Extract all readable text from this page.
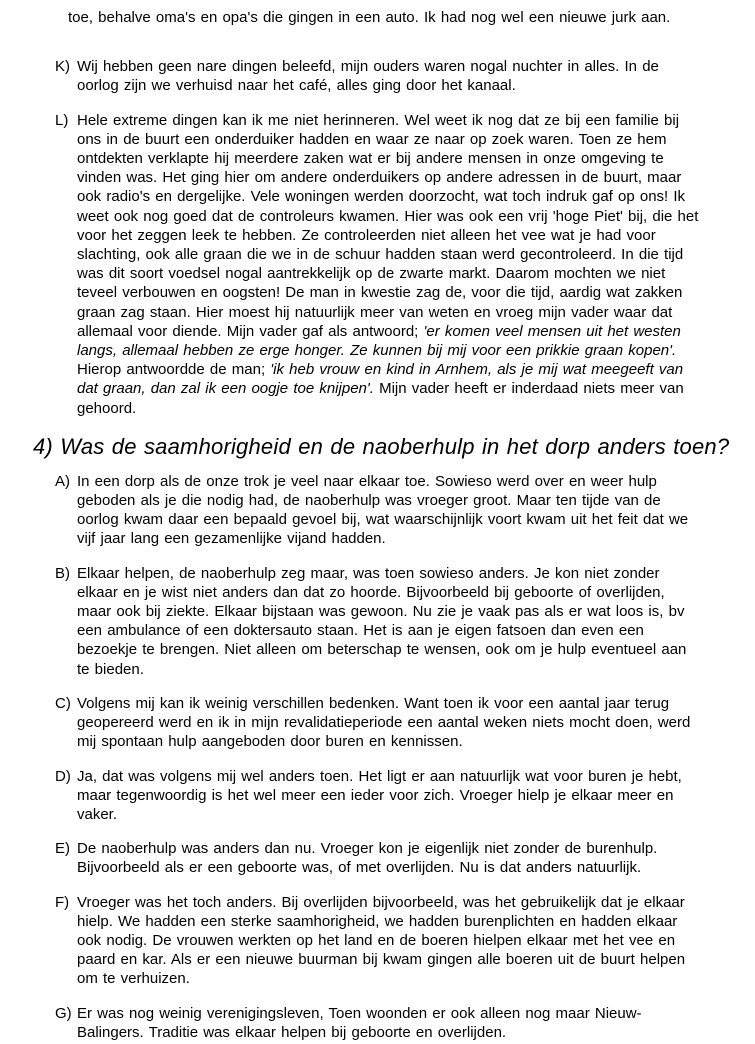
toe, behalve oma's en opa's die gingen in een auto. Ik had nog wel een nieuwe jurk aan.
K) Wij hebben geen nare dingen beleefd, mijn ouders waren nogal nuchter in alles. In de
oorlog zijn we verhuisd naar het café, alles ging door het kanaal.
L) Hele extreme dingen kan ik me niet herinneren. Wel weet ik nog dat ze bij een familie bij
ons in de buurt een onderduiker hadden en waar ze naar op zoek waren. Toen ze hem
ontdekten verklapte hij meerdere zaken wat er bij andere mensen in onze omgeving te
vinden was. Het ging hier om andere onderduikers op andere adressen in de buurt, maar
ook radio's en dergelijke. Vele woningen werden doorzocht, wat toch indruk gaf op ons! Ik
weet ook nog goed dat de controleurs kwamen. Hier was ook een vrij 'hoge Piet' bij, die het
voor het zeggen leek te hebben. Ze controleerden niet alleen het vee wat je had voor
slachting, ook alle graan die we in de schuur hadden staan werd gecontroleerd. In die tijd
was dit soort voedsel nogal aantrekkelijk op de zwarte markt. Daarom mochten we niet
teveel verbouwen en oogsten! De man in kwestie zag de, voor die tijd, aardig wat zakken
graan zag staan. Hier moest hij natuurlijk meer van weten en vroeg mijn vader waar dat
allemaal voor diende. Mijn vader gaf als antwoord; 'er komen veel mensen uit het westen
langs, allemaal hebben ze erge honger. Ze kunnen bij mij voor een prikkie graan kopen'.
Hierop antwoordde de man; 'ik heb vrouw en kind in Arnhem, als je mij wat meegeeft van
dat graan, dan zal ik een oogje toe knijpen'. Mijn vader heeft er inderdaad niets meer van
gehoord.
4) Was de saamhorigheid en de naoberhulp in het dorp anders toen?
A) In een dorp als de onze trok je veel naar elkaar toe. Sowieso werd over en weer hulp
geboden als je die nodig had, de naoberhulp was vroeger groot. Maar ten tijde van de
oorlog kwam daar een bepaald gevoel bij, wat waarschijnlijk voort kwam uit het feit dat we
vijf jaar lang een gezamenlijke vijand hadden.
B) Elkaar helpen, de naoberhulp zeg maar, was toen sowieso anders. Je kon niet zonder
elkaar en je wist niet anders dan dat zo hoorde. Bijvoorbeeld bij geboorte of overlijden,
maar ook bij ziekte. Elkaar bijstaan was gewoon. Nu zie je vaak pas als er wat loos is, bv
een ambulance of een doktersauto staan. Het is aan je eigen fatsoen dan even een
bezoekje te brengen. Niet alleen om beterschap te wensen, ook om je hulp eventueel aan
te bieden.
C) Volgens mij kan ik weinig verschillen bedenken. Want toen ik voor een aantal jaar terug
geopereerd werd en ik in mijn revalidatieperiode een aantal weken niets mocht doen, werd
mij spontaan hulp aangeboden door buren en kennissen.
D) Ja, dat was volgens mij wel anders toen. Het ligt er aan natuurlijk wat voor buren je hebt,
maar tegenwoordig is het wel meer een ieder voor zich. Vroeger hielp je elkaar meer en
vaker.
E) De naoberhulp was anders dan nu. Vroeger kon je eigenlijk niet zonder de burenhulp.
Bijvoorbeeld als er een geboorte was, of met overlijden. Nu is dat anders natuurlijk.
F) Vroeger was het toch anders. Bij overlijden bijvoorbeeld, was het gebruikelijk dat je elkaar
hielp. We hadden een sterke saamhorigheid, we hadden burenplichten en hadden elkaar
ook nodig. De vrouwen werkten op het land en de boeren hielpen elkaar met het vee en
paard en kar. Als er een nieuwe buurman bij kwam gingen alle boeren uit de buurt helpen
om te verhuizen.
G) Er was nog weinig verenigingsleven, Toen woonden er ook alleen nog maar Nieuw-
Balingers. Traditie was elkaar helpen bij geboorte en overlijden.
